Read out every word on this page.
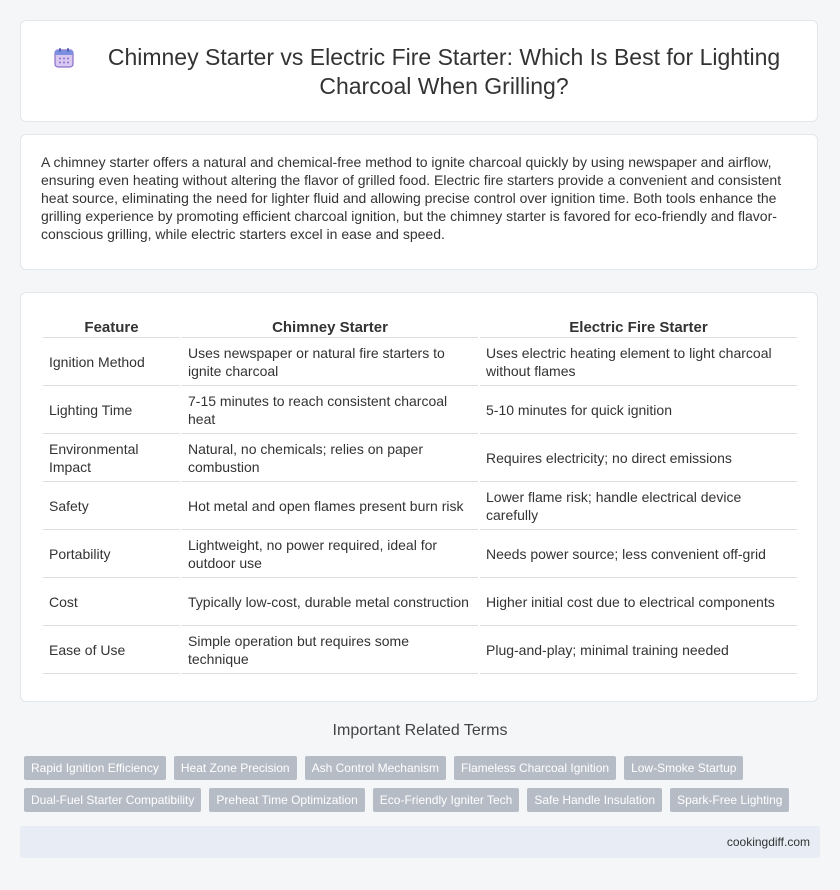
Chimney Starter vs Electric Fire Starter: Which Is Best for Lighting Charcoal When Grilling?
A chimney starter offers a natural and chemical-free method to ignite charcoal quickly by using newspaper and airflow, ensuring even heating without altering the flavor of grilled food. Electric fire starters provide a convenient and consistent heat source, eliminating the need for lighter fluid and allowing precise control over ignition time. Both tools enhance the grilling experience by promoting efficient charcoal ignition, but the chimney starter is favored for eco-friendly and flavor-conscious grilling, while electric starters excel in ease and speed.
Feature	Chimney Starter	Electric Fire Starter
Ignition Method	Uses newspaper or natural fire starters to ignite charcoal	Uses electric heating element to light charcoal without flames
Lighting Time	7-15 minutes to reach consistent charcoal heat	5-10 minutes for quick ignition
Environmental Impact	Natural, no chemicals; relies on paper combustion	Requires electricity; no direct emissions
Safety	Hot metal and open flames present burn risk	Lower flame risk; handle electrical device carefully
Portability	Lightweight, no power required, ideal for outdoor use	Needs power source; less convenient off-grid
Cost	Typically low-cost, durable metal construction	Higher initial cost due to electrical components
Ease of Use	Simple operation but requires some technique	Plug-and-play; minimal training needed
Important Related Terms
Rapid Ignition Efficiency	Heat Zone Precision	Ash Control Mechanism	Flameless Charcoal Ignition	Low-Smoke Startup
Dual-Fuel Starter Compatibility	Preheat Time Optimization	Eco-Friendly Igniter Tech	Safe Handle Insulation	Spark-Free Lighting
cookingdiff.com
